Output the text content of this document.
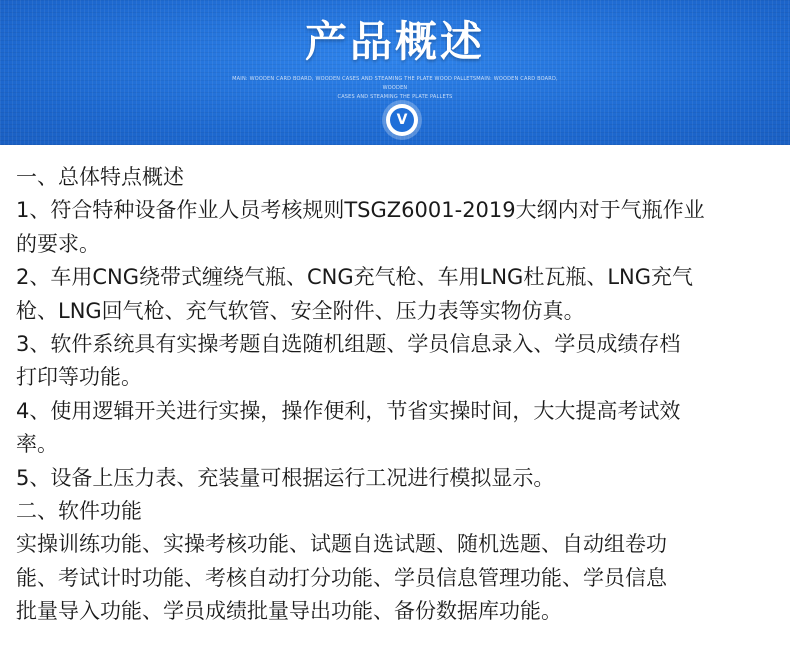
产品概述
MAIN: WOODEN CARD BOARD, WOODEN CASES AND STEAMING THE PLATE WOOD PALLETSMAIN: WOODEN CARD BOARD, WOODEN
CASES AND STEAMING THE PLATE PALLETS
V
一、总体特点概述
1、符合特种设备作业人员考核规则TSGZ6001-2019大纲内对于气瓶作业
的要求。
2、车用CNG绕带式缠绕气瓶、CNG充气枪、车用LNG杜瓦瓶、LNG充气
枪、LNG回气枪、充气软管、安全附件、压力表等实物仿真。
3、软件系统具有实操考题自选随机组题、学员信息录入、学员成绩存档
打印等功能。
4、使用逻辑开关进行实操，操作便利，节省实操时间，大大提高考试效
率。
5、设备上压力表、充装量可根据运行工况进行模拟显示。
二、软件功能
实操训练功能、实操考核功能、试题自选试题、随机选题、自动组卷功
能、考试计时功能、考核自动打分功能、学员信息管理功能、学员信息
批量导入功能、学员成绩批量导出功能、备份数据库功能。
